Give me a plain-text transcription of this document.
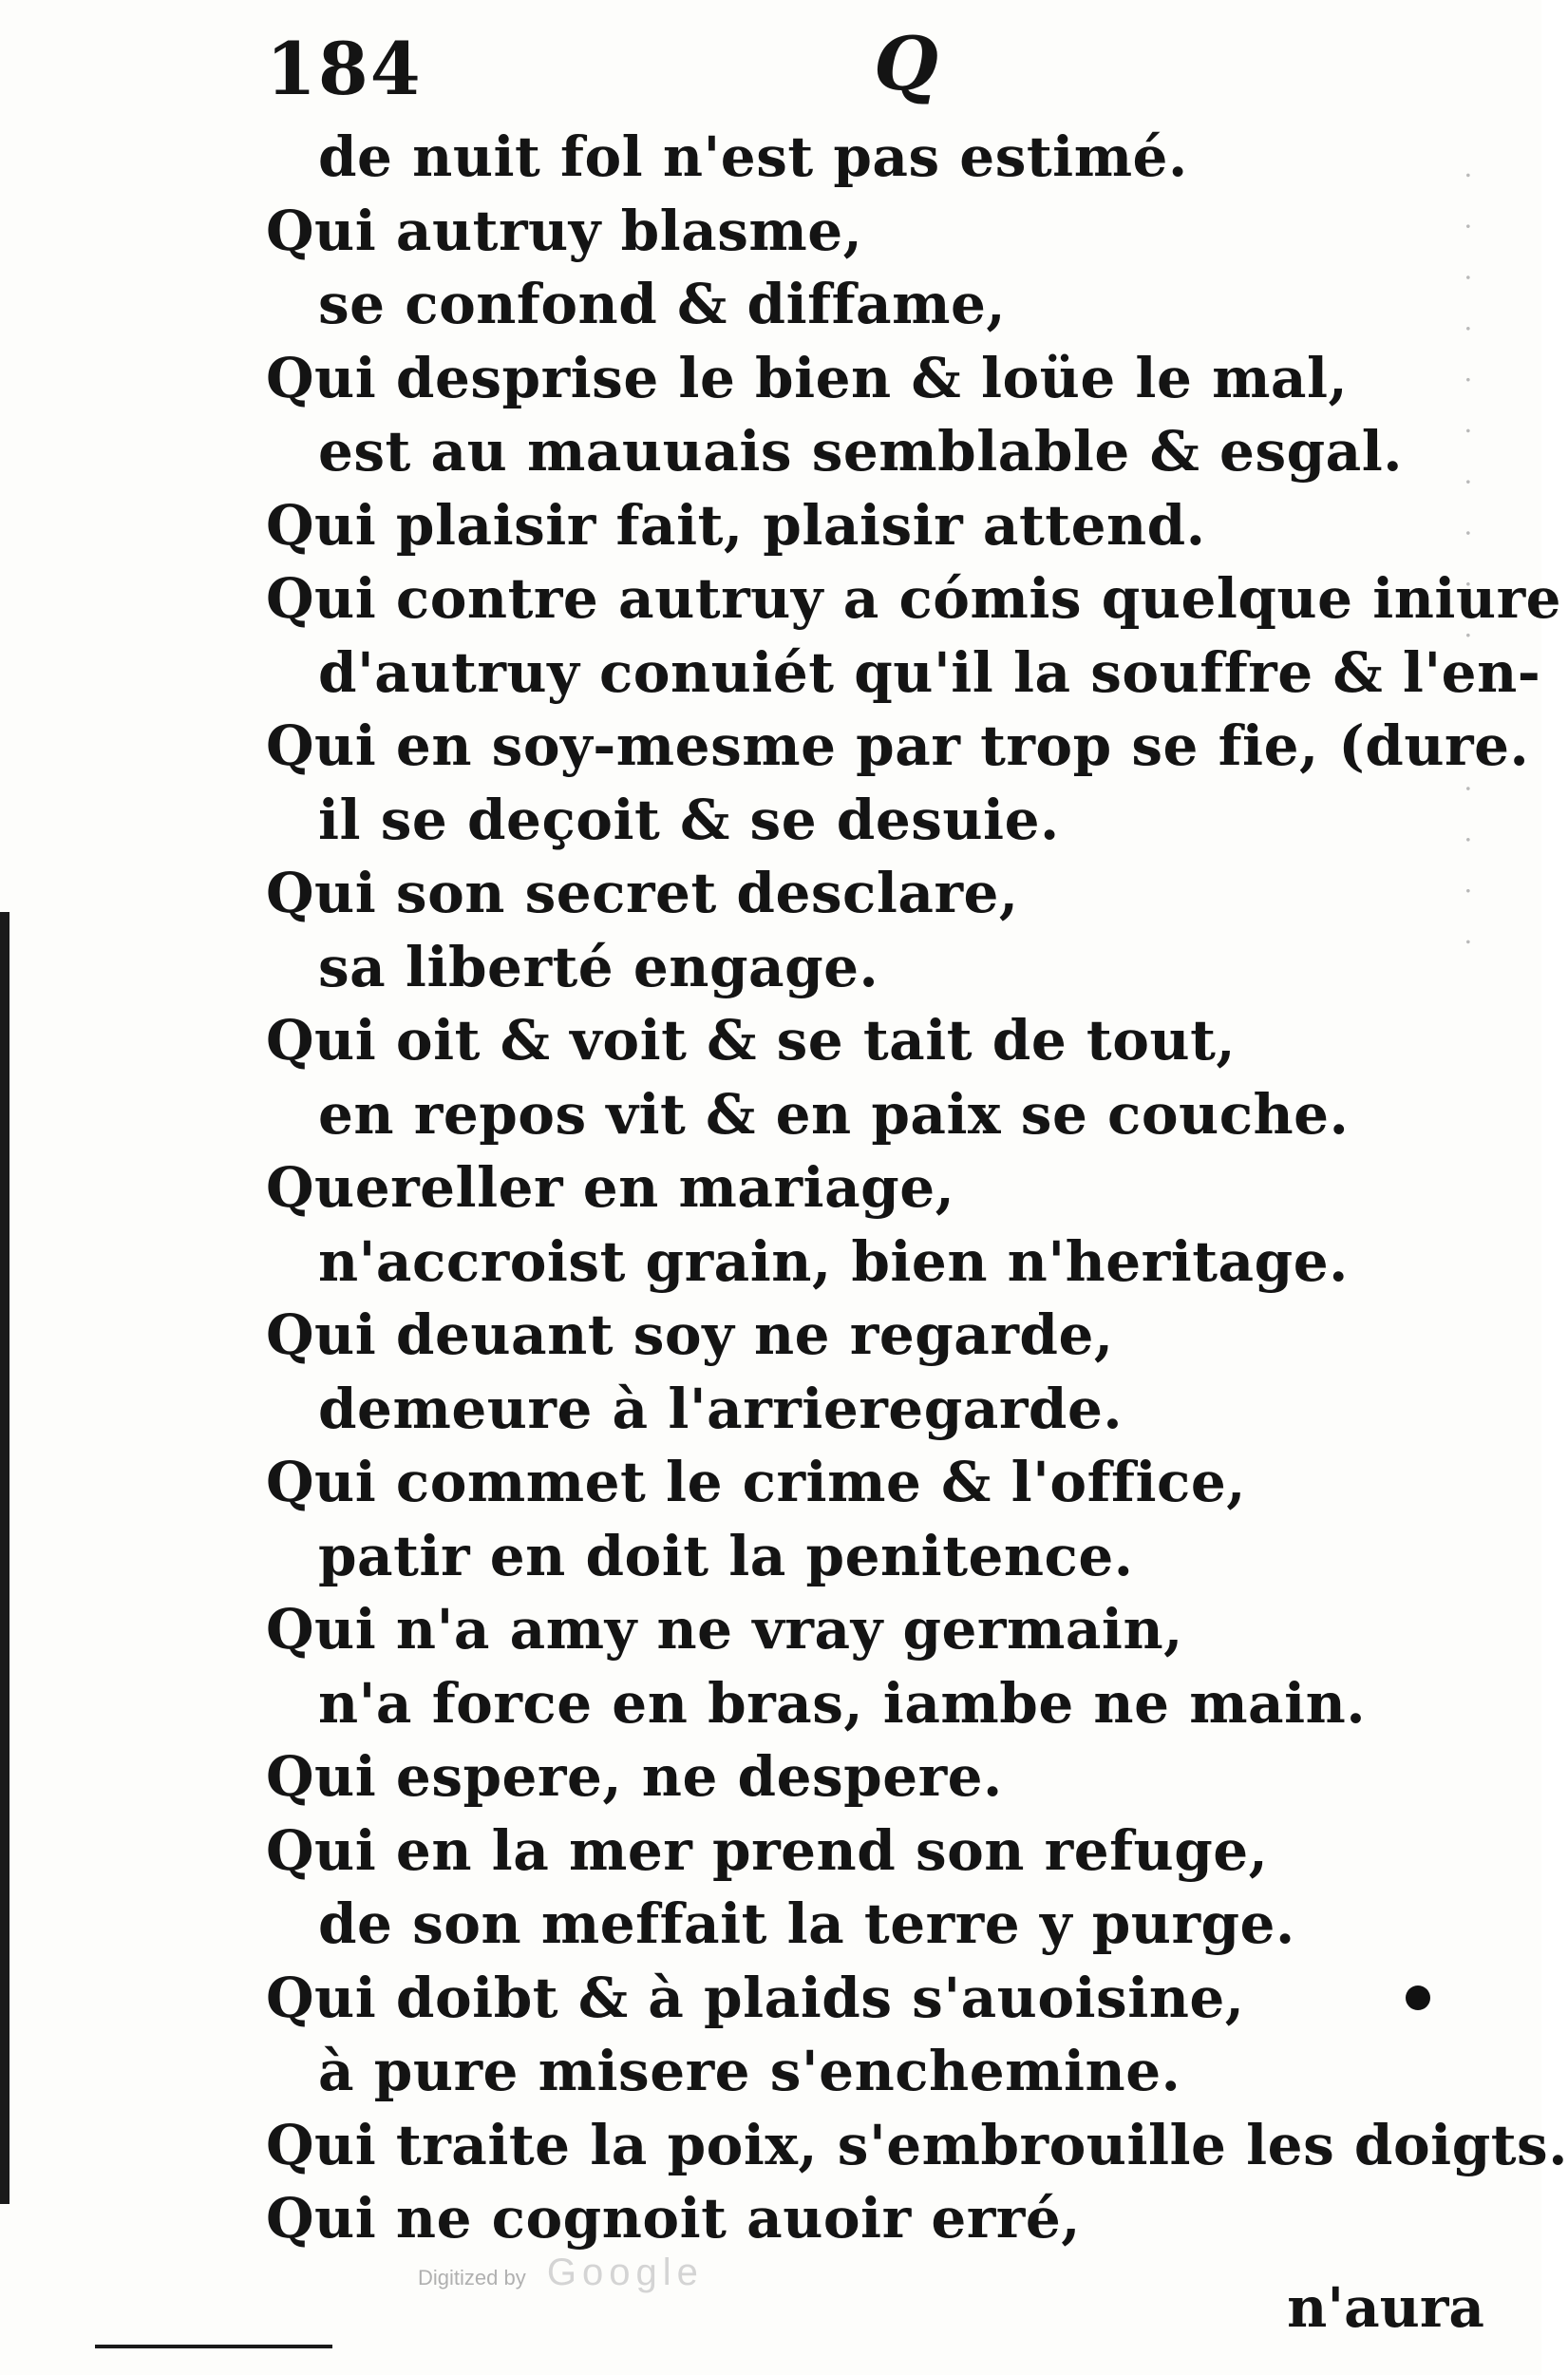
· · · · · · · · · · · · · · · ·
184	Q
de nuit fol n'est pas estimé.
Qui autruy blasme,
se confond & diffame,
Qui desprise le bien & loüe le mal,
est au mauuais semblable & esgal.
Qui plaisir fait, plaisir attend.
Qui contre autruy a cómis quelque iniure
d'autruy conuiét qu'il la souffre & l'en-
Qui en soy-mesme par trop se fie, (dure.
il se deçoit & se desuie.
Qui son secret desclare,
sa liberté engage.
Qui oit & voit & se tait de tout,
en repos vit & en paix se couche.
Quereller en mariage,
n'accroist grain, bien n'heritage.
Qui deuant soy ne regarde,
demeure à l'arrieregarde.
Qui commet le crime & l'office,
patir en doit la penitence.
Qui n'a amy ne vray germain,
n'a force en bras, iambe ne main.
Qui espere, ne despere.
Qui en la mer prend son refuge,
de son meffait la terre y purge.
Qui doibt & à plaids s'auoisine,
à pure misere s'enchemine.
Qui traite la poix, s'embrouille les doigts.
Qui ne cognoit auoir erré,
Digitized by Google
n'aura
